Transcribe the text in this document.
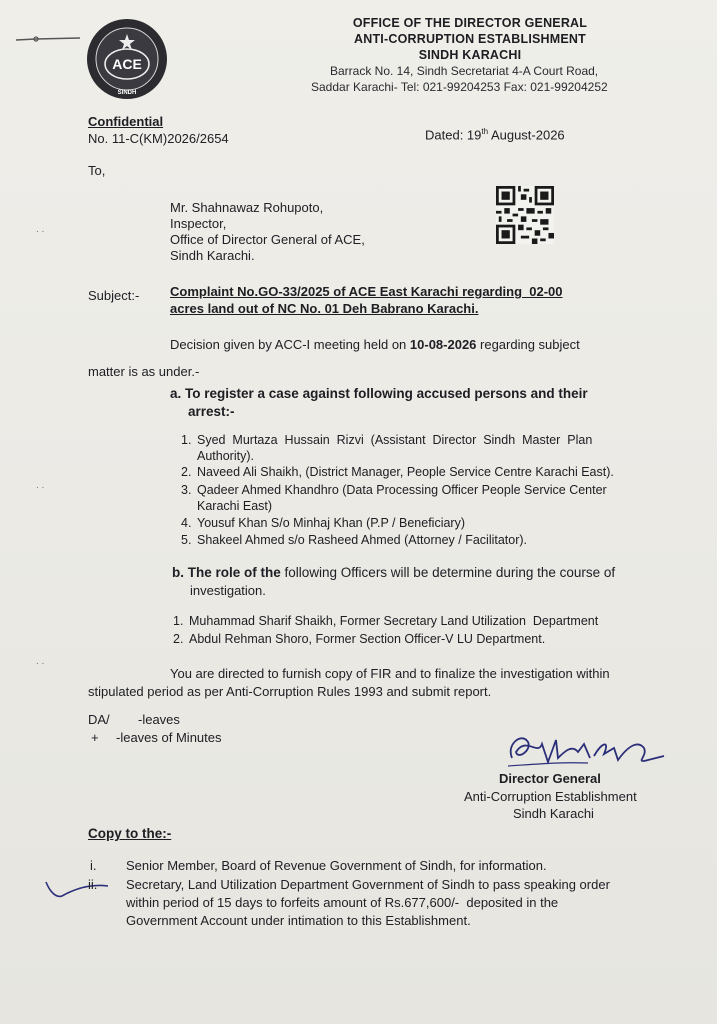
ACE
SINDH
OFFICE OF THE DIRECTOR GENERAL
ANTI-CORRUPTION ESTABLISHMENT
SINDH KARACHI
Barrack No. 14, Sindh Secretariat 4-A Court Road,
Saddar Karachi- Tel: 021-99204253 Fax: 021-99204252
Confidential
No. 11-C(KM)2026/2654	Dated: 19th August-2026
To,
Mr. Shahnawaz Rohupoto,
Inspector,
Office of Director General of ACE,
Sindh Karachi.
Subject:- Complaint No.GO-33/2025 of ACE East Karachi regarding  02-00
acres land out of NC No. 01 Deh Babrano Karachi.
Decision given by ACC-I meeting held on 10-08-2026 regarding subject
matter is as under.-
a. To register a case against following accused persons and their
arrest:-
1. Syed  Murtaza  Hussain  Rizvi  (Assistant  Director  Sindh  Master  Plan
Authority).
2. Naveed Ali Shaikh, (District Manager, People Service Centre Karachi East).
3. Qadeer Ahmed Khandhro (Data Processing Officer People Service Center
Karachi East)
4. Yousuf Khan S/o Minhaj Khan (P.P / Beneficiary)
5. Shakeel Ahmed s/o Rasheed Ahmed (Attorney / Facilitator).
b. The role of the following Officers will be determine during the course of
investigation.
1. Muhammad Sharif Shaikh, Former Secretary Land Utilization  Department
2. Abdul Rehman Shoro, Former Section Officer-V LU Department.
You are directed to furnish copy of FIR and to finalize the investigation within
stipulated period as per Anti-Corruption Rules 1993 and submit report.
DA/ -leaves
+ -leaves of Minutes
Director General
Anti-Corruption Establishment
Sindh Karachi
Copy to the:-
i. Senior Member, Board of Revenue Government of Sindh, for information.
ii. Secretary, Land Utilization Department Government of Sindh to pass speaking order
within period of 15 days to forfeits amount of Rs.677,600/-  deposited in the
Government Account under intimation to this Establishment.
. .
. .
. .
